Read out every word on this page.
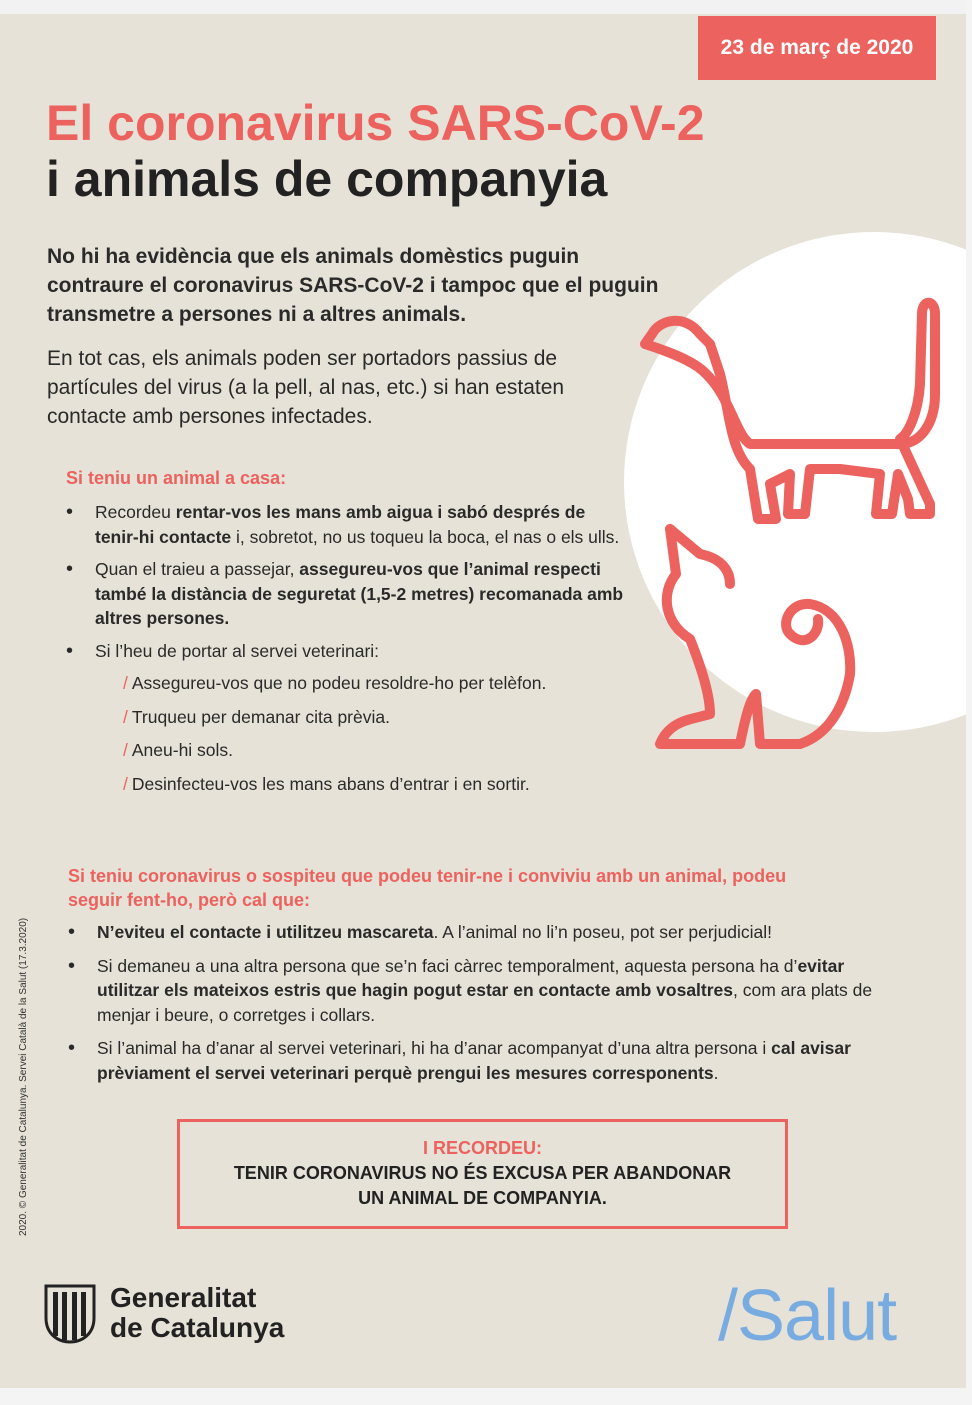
23 de març de 2020
El coronavirus SARS-CoV-2
i animals de companyia

No hi ha evidència que els animals domèstics puguin contraure el coronavirus SARS-CoV-2 i tampoc que el puguin transmetre a persones ni a altres animals.

En tot cas, els animals poden ser portadors passius de partícules del virus (a la pell, al nas, etc.) si han estaten contacte amb persones infectades.

Si teniu un animal a casa:

• Recordeu rentar-vos les mans amb aigua i sabó després de tenir-hi contacte i, sobretot, no us toqueu la boca, el nas o els ulls.
• Quan el traieu a passejar, assegureu-vos que l’animal respecti també la distància de seguretat (1,5-2 metres) recomanada amb altres persones.
• Si l’heu de portar al servei veterinari:
/ Assegureu-vos que no podeu resoldre-ho per telèfon.
/ Truqueu per demanar cita prèvia.
/ Aneu-hi sols.
/ Desinfecteu-vos les mans abans d’entrar i en sortir.

Si teniu coronavirus o sospiteu que podeu tenir-ne i conviviu amb un animal, podeu seguir fent-ho, però cal que:

• N’eviteu el contacte i utilitzeu mascareta. A l’animal no li’n poseu, pot ser perjudicial!
• Si demaneu a una altra persona que se’n faci càrrec temporalment, aquesta persona ha d’evitar utilitzar els mateixos estris que hagin pogut estar en contacte amb vosaltres, com ara plats de menjar i beure, o corretges i collars.
• Si l’animal ha d’anar al servei veterinari, hi ha d’anar acompanyat d’una altra persona i cal avisar prèviament el servei veterinari perquè prengui les mesures corresponents.
I RECORDEU:
TENIR CORONAVIRUS NO ÉS EXCUSA PER ABANDONAR
UN ANIMAL DE COMPANYIA.
2020. © Generalitat de Catalunya. Servei Català de la Salut (17.3.2020)
Generalitat
de Catalunya	/Salut
